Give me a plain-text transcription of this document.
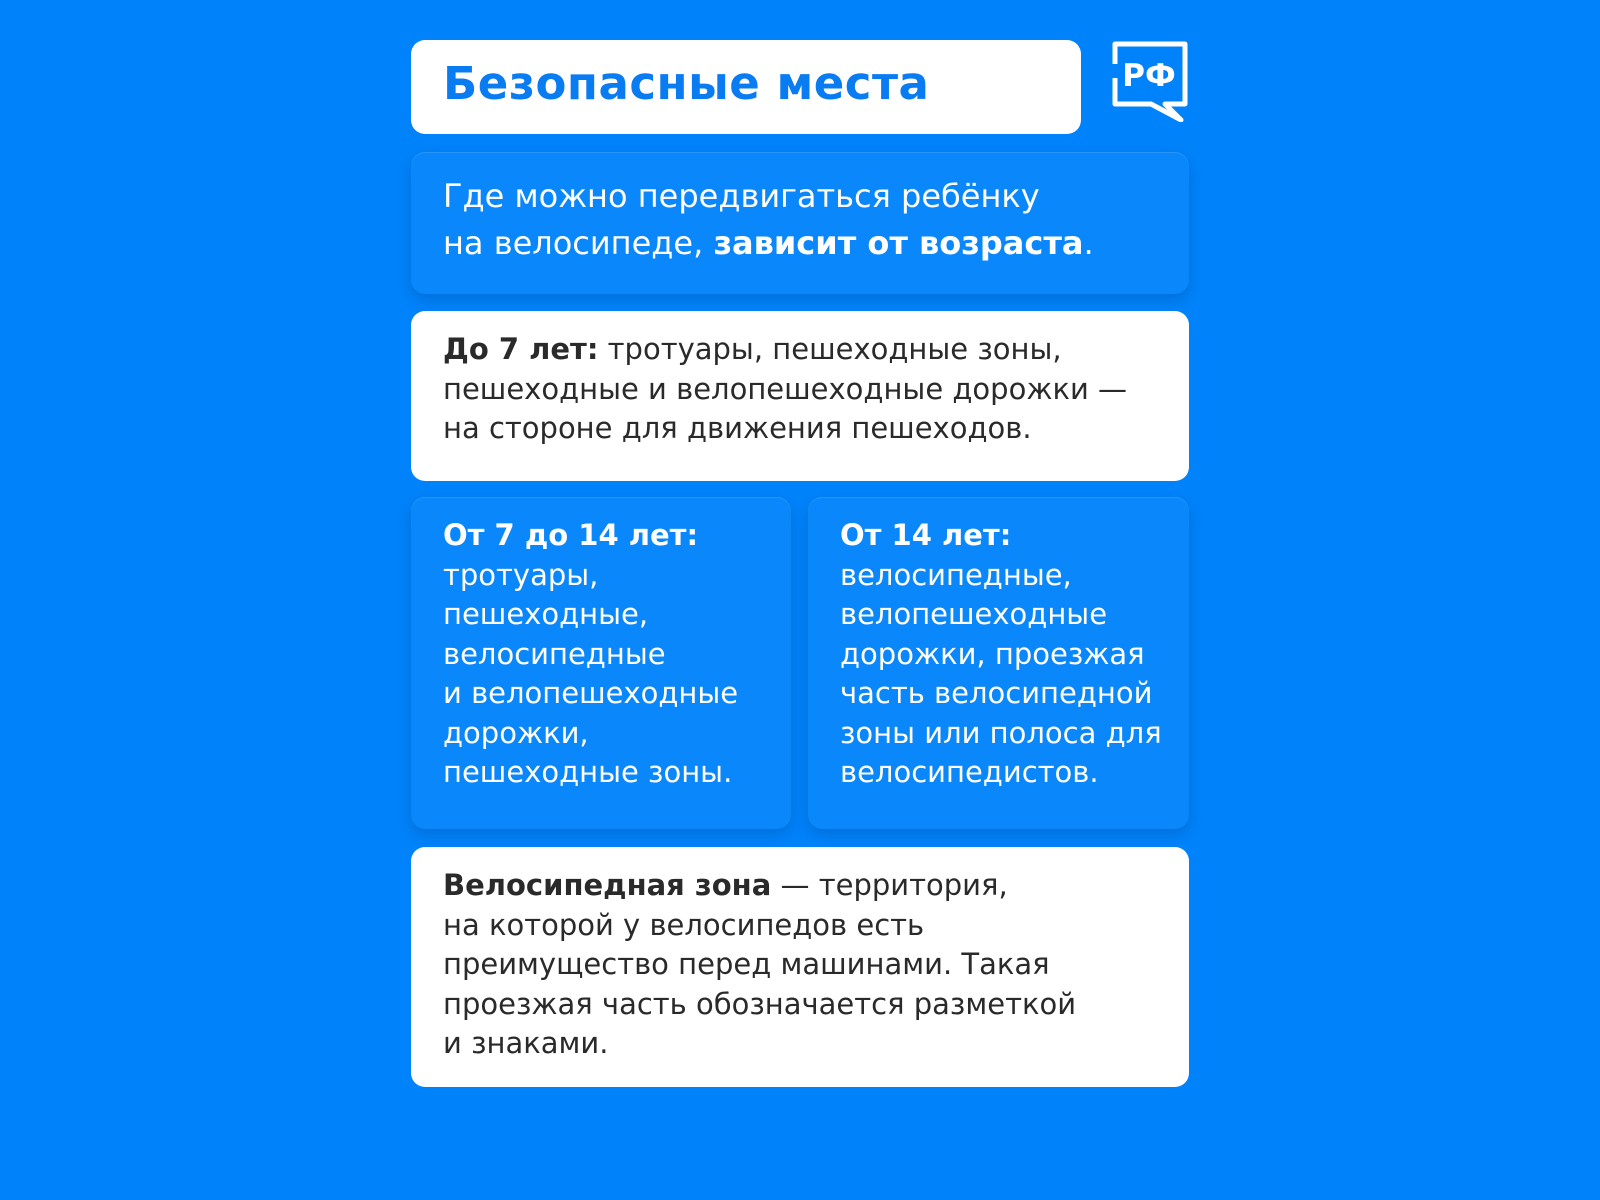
Безопасные места	РФ

Где можно передвигаться ребёнку
на велосипеде, зависит от возраста.

До 7 лет: тротуары, пешеходные зоны,
пешеходные и велопешеходные дорожки —
на стороне для движения пешеходов.

От 7 до 14 лет:
тротуары,
пешеходные,
велосипедные
и велопешеходные
дорожки,
пешеходные зоны.

От 14 лет:
велосипедные,
велопешеходные
дорожки, проезжая
часть велосипедной
зоны или полоса для
велосипедистов.

Велосипедная зона — территория,
на которой у велосипедов есть
преимущество перед машинами. Такая
проезжая часть обозначается разметкой
и знаками.
